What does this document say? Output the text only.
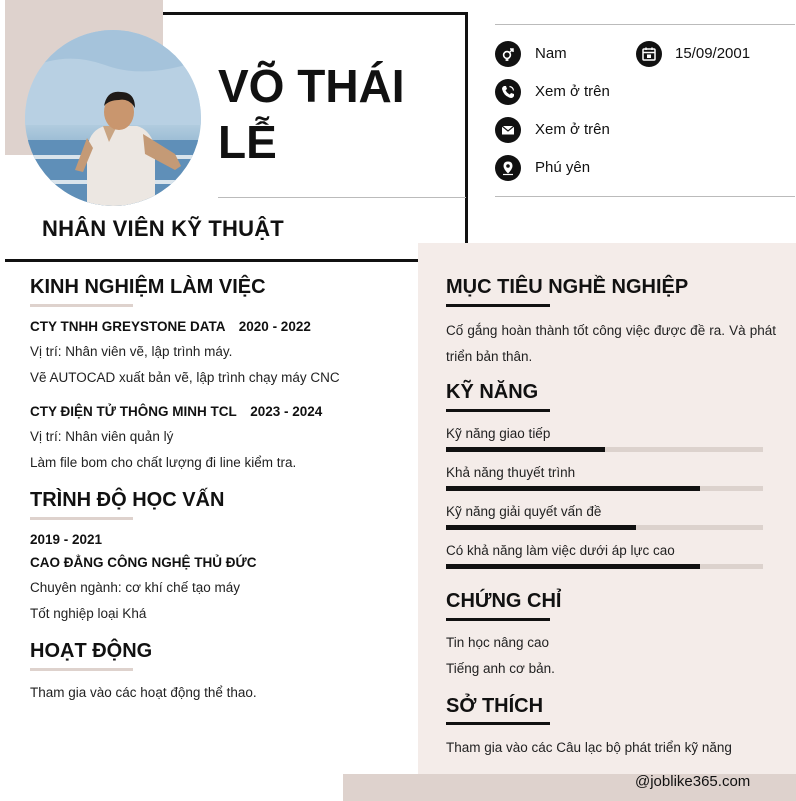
VÕ THÁI
LỄ
NHÂN VIÊN KỸ THUẬT
Nam	15/09/2001
Xem ở trên
Xem ở trên
Phú yên
KINH NGHIỆM LÀM VIỆC
CTY TNHH GREYSTONE DATA 2020 - 2022
Vị trí: Nhân viên vẽ, lập trình máy.
Vẽ AUTOCAD xuất bản vẽ, lập trình chạy máy CNC
CTY ĐIỆN TỬ THÔNG MINH TCL 2023 - 2024
Vị trí: Nhân viên quản lý
Làm file bom cho chất lượng đi line kiểm tra.
TRÌNH ĐỘ HỌC VẤN
2019 - 2021
CAO ĐẲNG CÔNG NGHỆ THỦ ĐỨC
Chuyên ngành: cơ khí chế tạo máy
Tốt nghiệp loại Khá
HOẠT ĐỘNG
Tham gia vào các hoạt động thể thao.
MỤC TIÊU NGHỀ NGHIỆP
Cố gắng hoàn thành tốt công việc được đề ra. Và phát triển bản thân.
KỸ NĂNG
Kỹ năng giao tiếp
Khả năng thuyết trình
Kỹ năng giải quyết vấn đề
Có khả năng làm việc dưới áp lực cao
CHỨNG CHỈ
Tin học nâng cao
Tiếng anh cơ bản.
SỞ THÍCH
Tham gia vào các Câu lạc bộ phát triển kỹ năng
@joblike365.com
